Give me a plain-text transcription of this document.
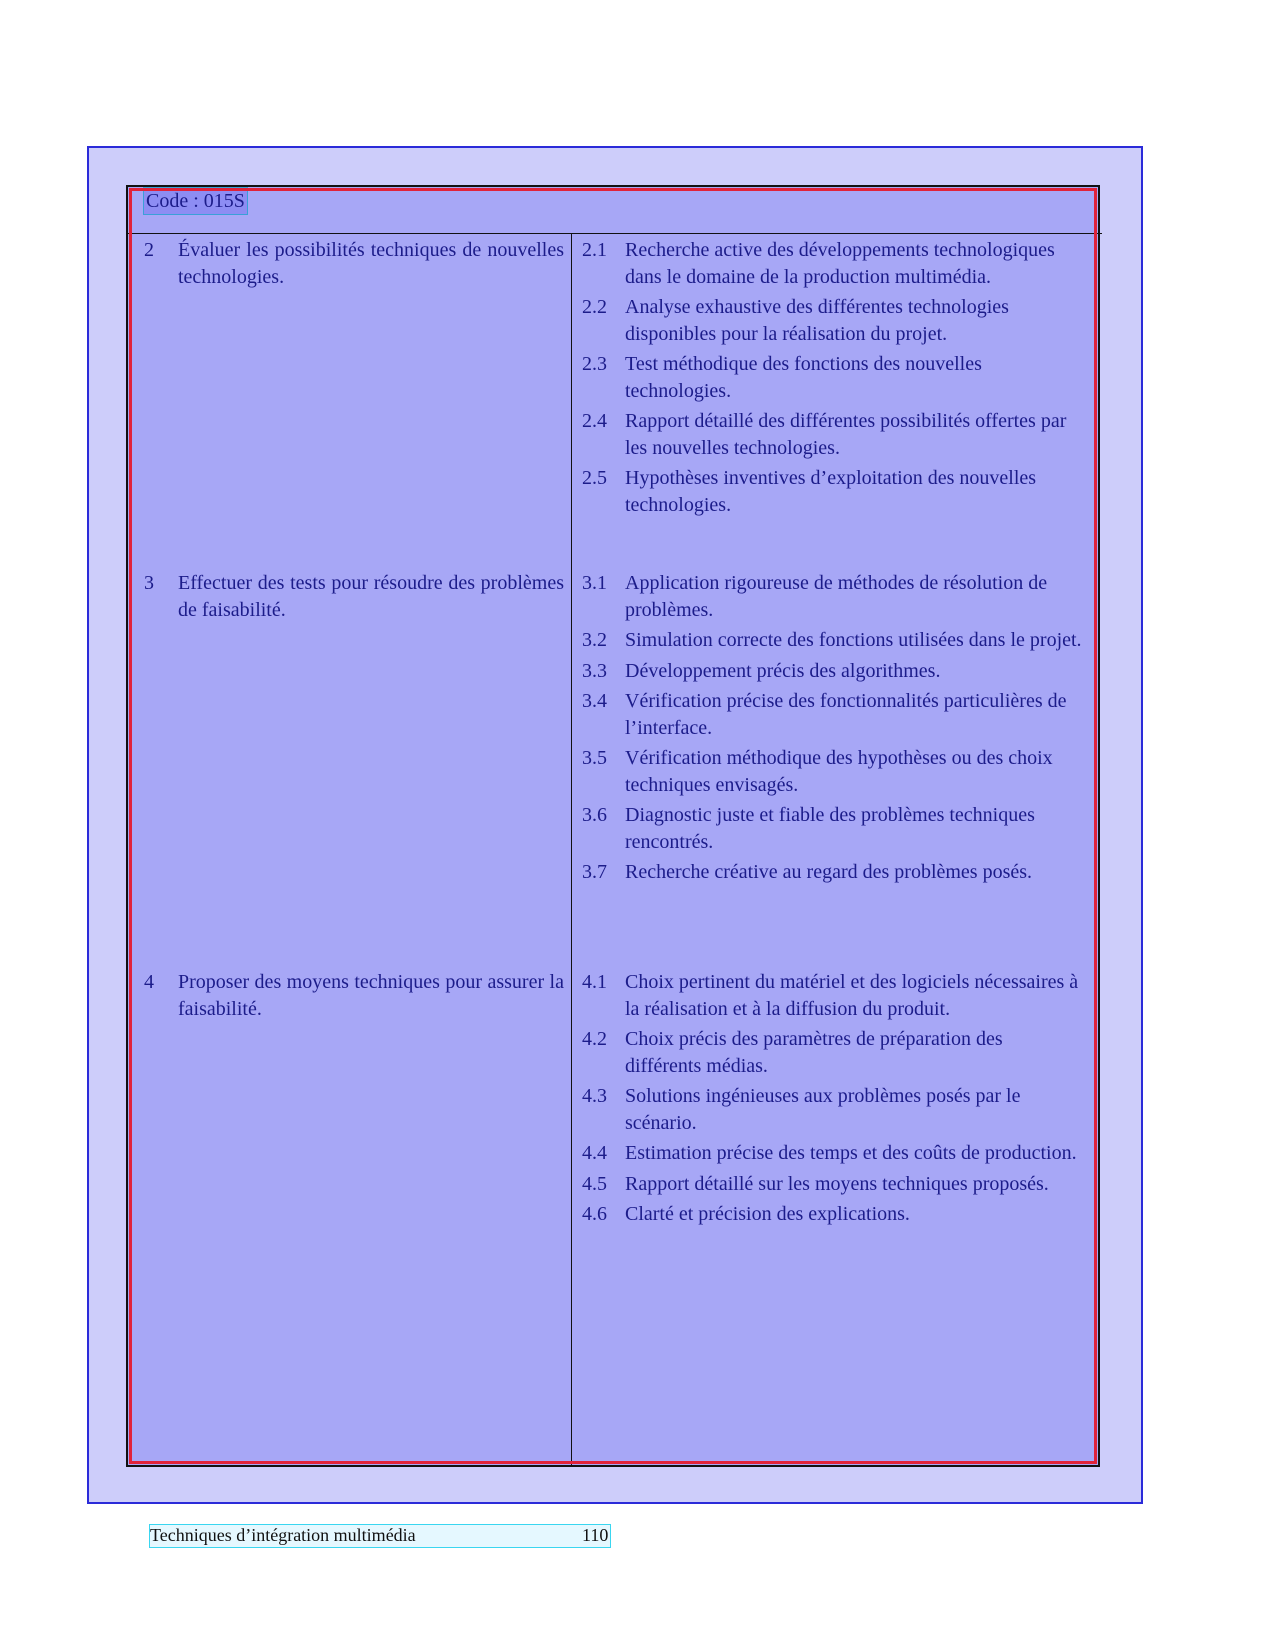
Code : 015S
2 Évaluer les possibilités techniques de nouvelles technologies.
2.1 Recherche active des développements technologiques dans le domaine de la production multimédia.
2.2 Analyse exhaustive des différentes technologies disponibles pour la réalisation du projet.
2.3 Test méthodique des fonctions des nouvelles technologies.
2.4 Rapport détaillé des différentes possibilités offertes par les nouvelles technologies.
2.5 Hypothèses inventives d’exploitation des nouvelles technologies.
3 Effectuer des tests pour résoudre des problèmes de faisabilité.
3.1 Application rigoureuse de méthodes de résolution de problèmes.
3.2 Simulation correcte des fonctions utilisées dans le projet.
3.3 Développement précis des algorithmes.
3.4 Vérification précise des fonctionnalités particulières de l’interface.
3.5 Vérification méthodique des hypothèses ou des choix techniques envisagés.
3.6 Diagnostic juste et fiable des problèmes techniques rencontrés.
3.7 Recherche créative au regard des problèmes posés.
4 Proposer des moyens techniques pour assurer la faisabilité.
4.1 Choix pertinent du matériel et des logiciels nécessaires à la réalisation et à la diffusion du produit.
4.2 Choix précis des paramètres de préparation des différents médias.
4.3 Solutions ingénieuses aux problèmes posés par le scénario.
4.4 Estimation précise des temps et des coûts de production.
4.5 Rapport détaillé sur les moyens techniques proposés.
4.6 Clarté et précision des explications.
Techniques d’intégration multimédia	110
